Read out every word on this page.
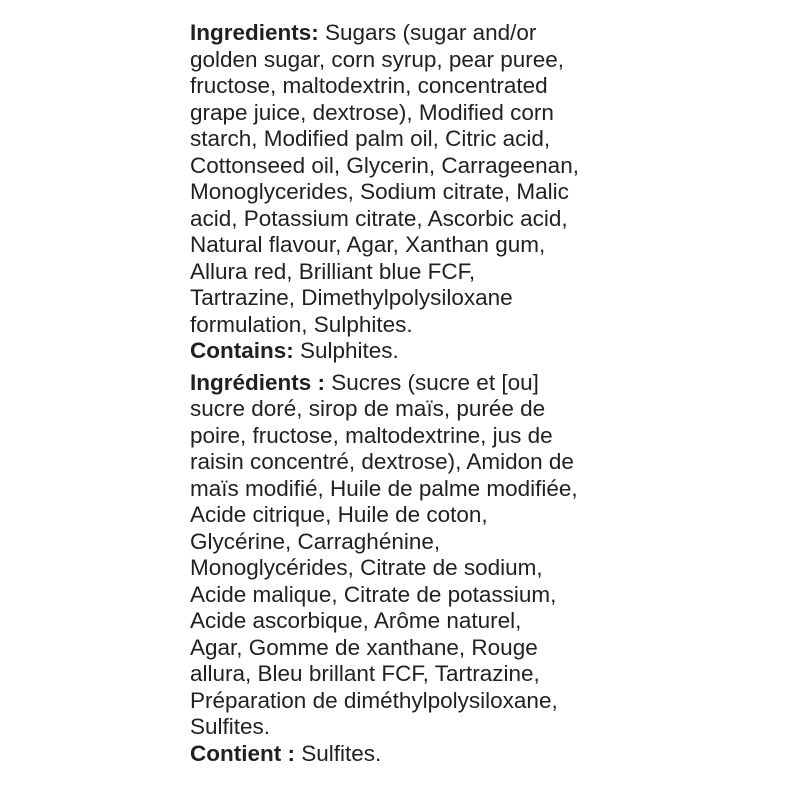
Ingredients: Sugars (sugar and/or
golden sugar, corn syrup, pear puree,
fructose, maltodextrin, concentrated
grape juice, dextrose), Modified corn
starch, Modified palm oil, Citric acid,
Cottonseed oil, Glycerin, Carrageenan,
Monoglycerides, Sodium citrate, Malic
acid, Potassium citrate, Ascorbic acid,
Natural flavour, Agar, Xanthan gum,
Allura red, Brilliant blue FCF,
Tartrazine, Dimethylpolysiloxane
formulation, Sulphites.
Contains: Sulphites.

Ingrédients : Sucres (sucre et [ou]
sucre doré, sirop de maïs, purée de
poire, fructose, maltodextrine, jus de
raisin concentré, dextrose), Amidon de
maïs modifié, Huile de palme modifiée,
Acide citrique, Huile de coton,
Glycérine, Carraghénine,
Monoglycérides, Citrate de sodium,
Acide malique, Citrate de potassium,
Acide ascorbique, Arôme naturel,
Agar, Gomme de xanthane, Rouge
allura, Bleu brillant FCF, Tartrazine,
Préparation de diméthylpolysiloxane,
Sulfites.
Contient : Sulfites.
